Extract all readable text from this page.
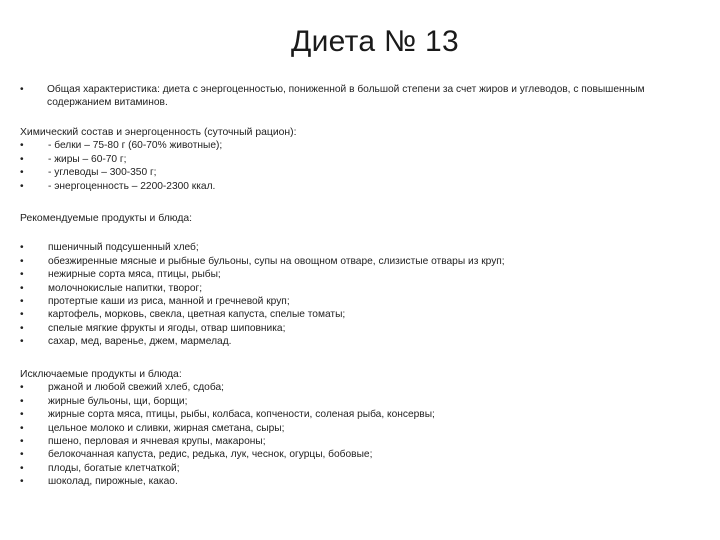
Диета № 13
• Общая характеристика: диета с энергоценностью, пониженной в большой степени за счет жиров и углеводов, с повышенным содержанием витаминов.
Химический состав и энергоценность (суточный рацион):
• - белки – 75-80 г (60-70% животные);
• - жиры – 60-70 г;
• - углеводы – 300-350 г;
• - энергоценность – 2200-2300 ккал.
Рекомендуемые продукты и блюда:
• пшеничный подсушенный хлеб;
• обезжиренные мясные и рыбные бульоны, супы на овощном отваре, слизистые отвары из круп;
• нежирные сорта мяса, птицы, рыбы;
• молочнокислые напитки, творог;
• протертые каши из риса, манной и гречневой круп;
• картофель, морковь, свекла, цветная капуста, спелые томаты;
• спелые мягкие фрукты и ягоды, отвар шиповника;
• сахар, мед, варенье, джем, мармелад.
Исключаемые продукты и блюда:
• ржаной и любой свежий хлеб, сдоба;
• жирные бульоны, щи, борщи;
• жирные сорта мяса, птицы, рыбы, колбаса, копчености, соленая рыба, консервы;
• цельное молоко и сливки, жирная сметана, сыры;
• пшено, перловая и ячневая крупы, макароны;
• белокочанная капуста, редис, редька, лук, чеснок, огурцы, бобовые;
• плоды, богатые клетчаткой;
• шоколад, пирожные, какао.
